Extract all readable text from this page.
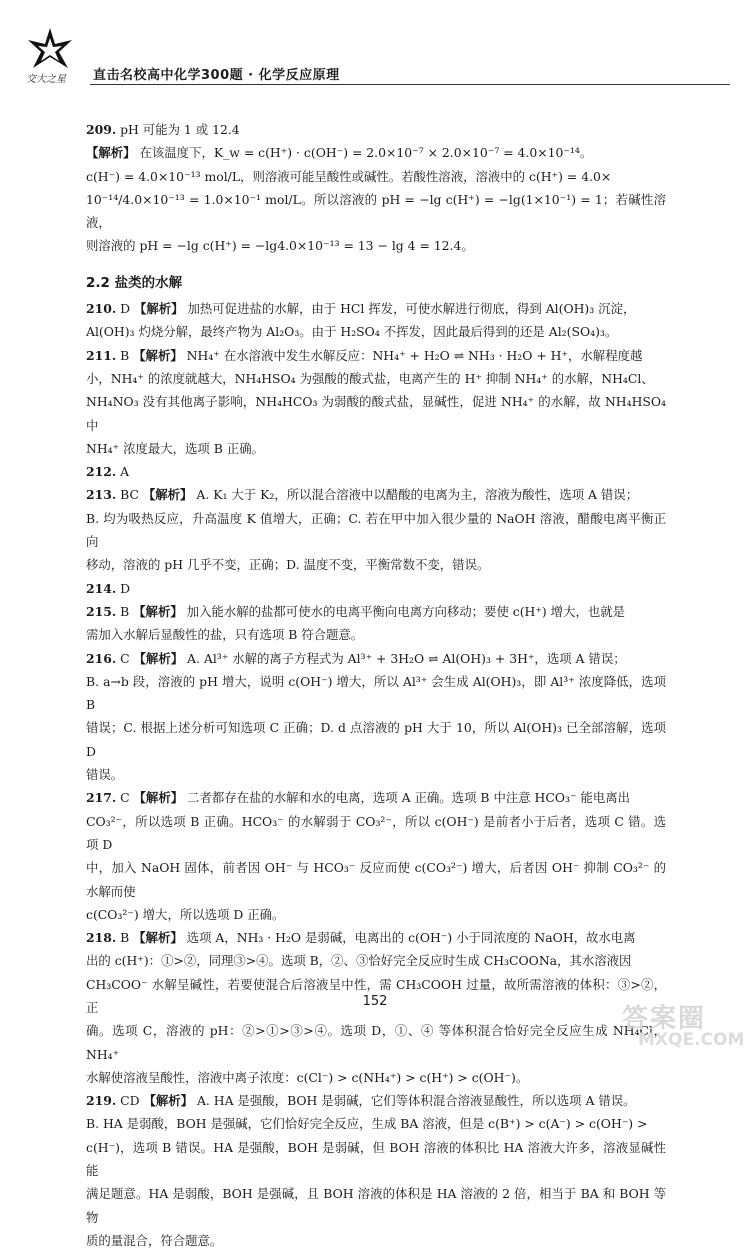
交大之星 直击名校高中化学300题 · 化学反应原理

209. pH 可能为 1 或 12.4

【解析】 在该温度下，K_w = c(H⁺) · c(OH⁻) = 2.0×10⁻⁷ × 2.0×10⁻⁷ = 4.0×10⁻¹⁴。

c(H⁻) = 4.0×10⁻¹³ mol/L，则溶液可能呈酸性或碱性。若酸性溶液，溶液中的 c(H⁺) = 4.0×

10⁻¹⁴/4.0×10⁻¹³ = 1.0×10⁻¹ mol/L。所以溶液的 pH = −lg c(H⁺) = −lg(1×10⁻¹) = 1；若碱性溶液，

则溶液的 pH = −lg c(H⁺) = −lg4.0×10⁻¹³ = 13 − lg 4 = 12.4。

2.2 盐类的水解

210. D 【解析】 加热可促进盐的水解，由于 HCl 挥发，可使水解进行彻底，得到 Al(OH)₃ 沉淀，

Al(OH)₃ 灼烧分解，最终产物为 Al₂O₃。由于 H₂SO₄ 不挥发，因此最后得到的还是 Al₂(SO₄)₃。

211. B 【解析】 NH₄⁺ 在水溶液中发生水解反应：NH₄⁺ + H₂O ⇌ NH₃ · H₂O + H⁺，水解程度越

小，NH₄⁺ 的浓度就越大，NH₄HSO₄ 为强酸的酸式盐，电离产生的 H⁺ 抑制 NH₄⁺ 的水解，NH₄Cl、

NH₄NO₃ 没有其他离子影响，NH₄HCO₃ 为弱酸的酸式盐，显碱性，促进 NH₄⁺ 的水解，故 NH₄HSO₄ 中

NH₄⁺ 浓度最大，选项 B 正确。

212. A

213. BC 【解析】 A. K₁ 大于 K₂，所以混合溶液中以醋酸的电离为主，溶液为酸性，选项 A 错误；

B. 均为吸热反应，升高温度 K 值增大，正确；C. 若在甲中加入很少量的 NaOH 溶液，醋酸电离平衡正向

移动，溶液的 pH 几乎不变，正确；D. 温度不变，平衡常数不变，错误。

214. D

215. B 【解析】 加入能水解的盐都可使水的电离平衡向电离方向移动；要使 c(H⁺) 增大，也就是

需加入水解后显酸性的盐，只有选项 B 符合题意。

216. C 【解析】 A. Al³⁺ 水解的离子方程式为 Al³⁺ + 3H₂O ⇌ Al(OH)₃ + 3H⁺，选项 A 错误；

B. a→b 段，溶液的 pH 增大，说明 c(OH⁻) 增大，所以 Al³⁺ 会生成 Al(OH)₃，即 Al³⁺ 浓度降低，选项 B

错误；C. 根据上述分析可知选项 C 正确；D. d 点溶液的 pH 大于 10，所以 Al(OH)₃ 已全部溶解，选项 D

错误。

217. C 【解析】 二者都存在盐的水解和水的电离，选项 A 正确。选项 B 中注意 HCO₃⁻ 能电离出

CO₃²⁻，所以选项 B 正确。HCO₃⁻ 的水解弱于 CO₃²⁻，所以 c(OH⁻) 是前者小于后者，选项 C 错。选项 D

中，加入 NaOH 固体，前者因 OH⁻ 与 HCO₃⁻ 反应而使 c(CO₃²⁻) 增大，后者因 OH⁻ 抑制 CO₃²⁻ 的水解而使

c(CO₃²⁻) 增大，所以选项 D 正确。

218. B 【解析】 选项 A，NH₃ · H₂O 是弱碱，电离出的 c(OH⁻) 小于同浓度的 NaOH，故水电离

出的 c(H⁺)：①>②，同理③>④。选项 B，②、③恰好完全反应时生成 CH₃COONa，其水溶液因

CH₃COO⁻ 水解呈碱性，若要使混合后溶液呈中性，需 CH₃COOH 过量，故所需溶液的体积：③>②，正

确。选项 C，溶液的 pH：②>①>③>④。选项 D，①、④ 等体积混合恰好完全反应生成 NH₄Cl，NH₄⁺

水解使溶液呈酸性，溶液中离子浓度：c(Cl⁻) > c(NH₄⁺) > c(H⁺) > c(OH⁻)。

219. CD 【解析】 A. HA 是强酸，BOH 是弱碱，它们等体积混合溶液显酸性，所以选项 A 错误。

B. HA 是弱酸，BOH 是强碱，它们恰好完全反应，生成 BA 溶液，但是 c(B⁺) > c(A⁻) > c(OH⁻) >

c(H⁻)，选项 B 错误。HA 是强酸，BOH 是弱碱，但 BOH 溶液的体积比 HA 溶液大许多，溶液显碱性能

满足题意。HA 是弱酸，BOH 是强碱，且 BOH 溶液的体积是 HA 溶液的 2 倍，相当于 BA 和 BOH 等物

质的量混合，符合题意。

152
答案圈
MXQE.COM
